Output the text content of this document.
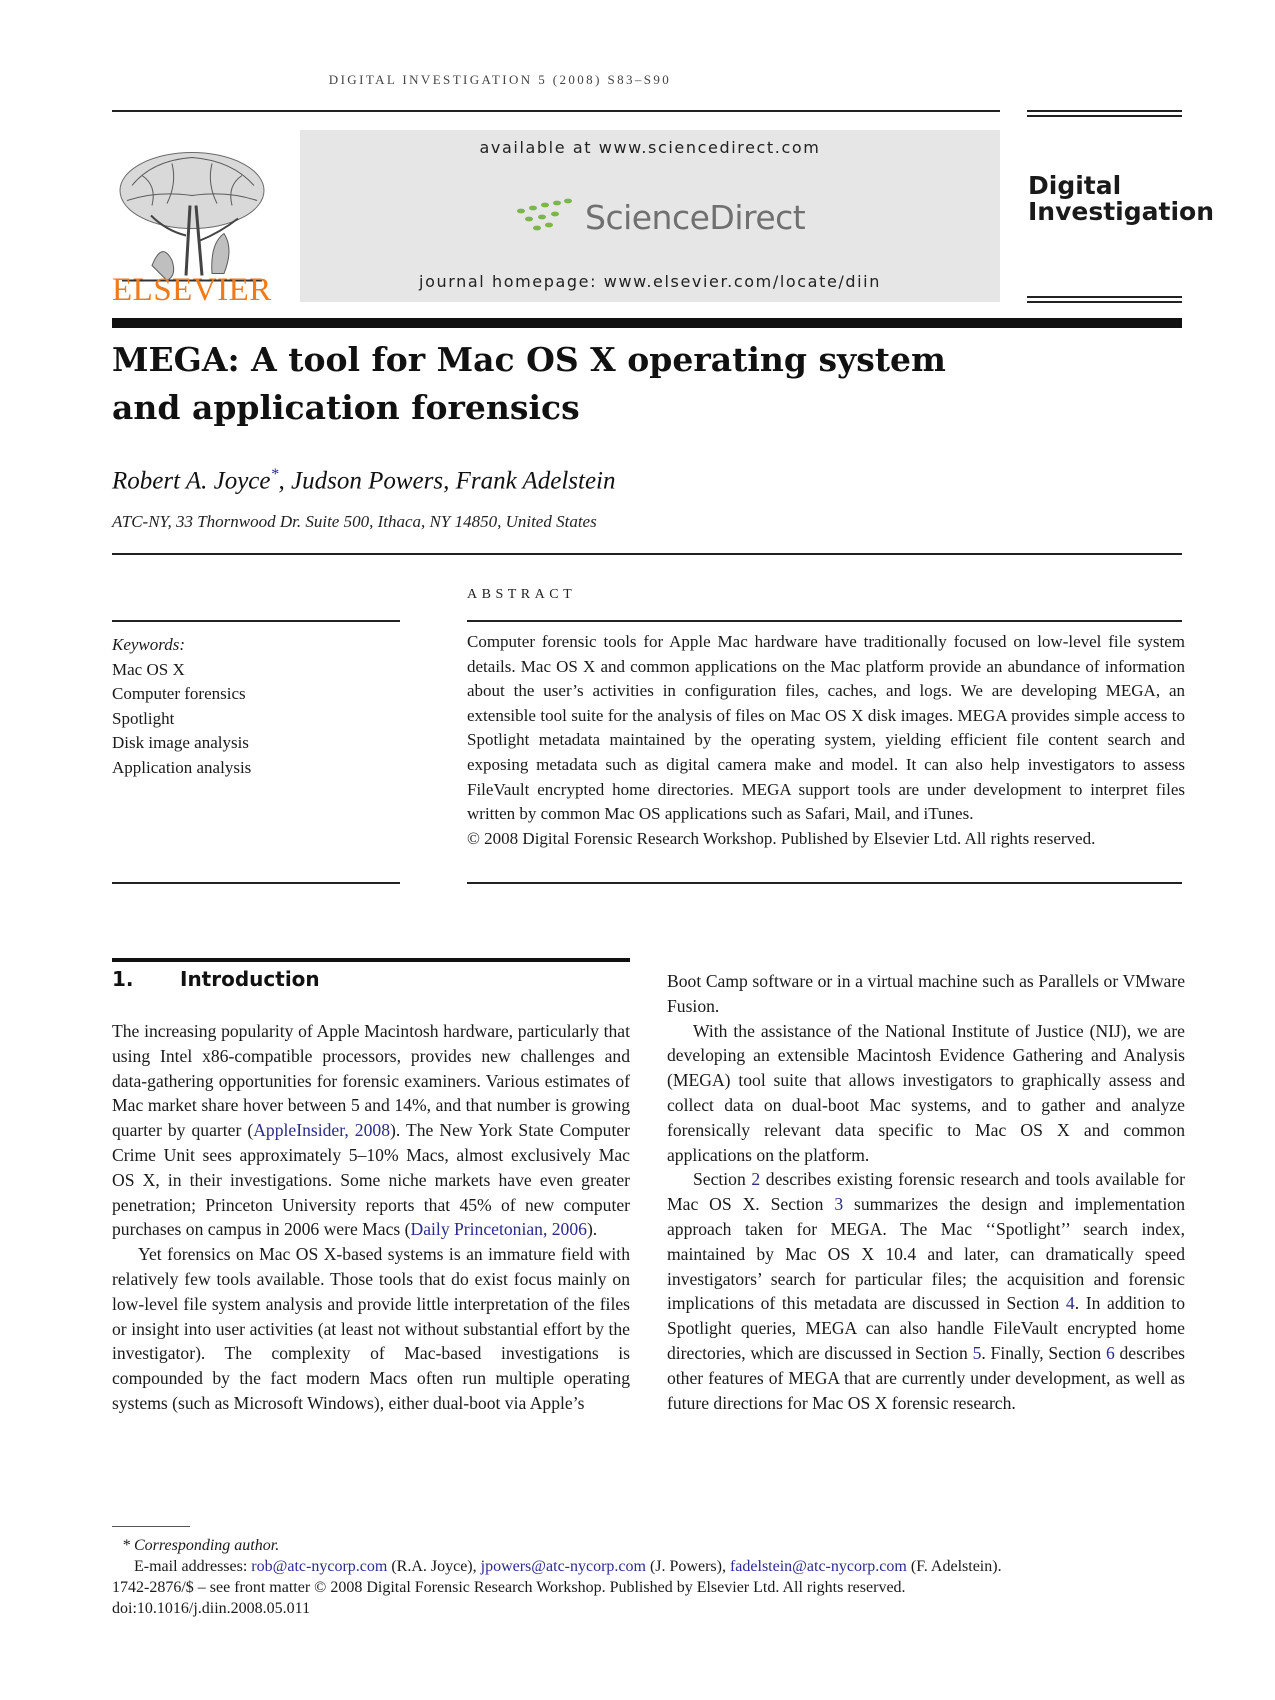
DIGITAL INVESTIGATION 5 (2008) S83–S90
ELSEVIER
available at www.sciencedirect.com
ScienceDirect
journal homepage: www.elsevier.com/locate/diin
Digital
Investigation
MEGA: A tool for Mac OS X operating system
and application forensics
Robert A. Joyce*, Judson Powers, Frank Adelstein
ATC-NY, 33 Thornwood Dr. Suite 500, Ithaca, NY 14850, United States
ABSTRACT
Keywords:
Mac OS X
Computer forensics
Spotlight
Disk image analysis
Application analysis

Computer forensic tools for Apple Mac hardware have traditionally focused on low-level file system details. Mac OS X and common applications on the Mac platform provide an abundance of information about the user’s activities in configuration files, caches, and logs. We are developing MEGA, an extensible tool suite for the analysis of files on Mac OS X disk images. MEGA provides simple access to Spotlight metadata maintained by the operating system, yielding efficient file content search and exposing metadata such as digital camera make and model. It can also help investigators to assess FileVault encrypted home directories. MEGA support tools are under development to interpret files written by common Mac OS applications such as Safari, Mail, and iTunes.

© 2008 Digital Forensic Research Workshop. Published by Elsevier Ltd. All rights reserved.

1. Introduction

The increasing popularity of Apple Macintosh hardware, particularly that using Intel x86-compatible processors, provides new challenges and data-gathering opportunities for forensic examiners. Various estimates of Mac market share hover between 5 and 14%, and that number is growing quarter by quarter (AppleInsider, 2008). The New York State Computer Crime Unit sees approximately 5–10% Macs, almost exclusively Mac OS X, in their investigations. Some niche markets have even greater penetration; Princeton University reports that 45% of new computer purchases on campus in 2006 were Macs (Daily Princetonian, 2006).

Yet forensics on Mac OS X-based systems is an immature field with relatively few tools available. Those tools that do exist focus mainly on low-level file system analysis and provide little interpretation of the files or insight into user activities (at least not without substantial effort by the investigator). The complexity of Mac-based investigations is compounded by the fact modern Macs often run multiple operating systems (such as Microsoft Windows), either dual-boot via Apple’s

Boot Camp software or in a virtual machine such as Parallels or VMware Fusion.

With the assistance of the National Institute of Justice (NIJ), we are developing an extensible Macintosh Evidence Gathering and Analysis (MEGA) tool suite that allows investigators to graphically assess and collect data on dual-boot Mac systems, and to gather and analyze forensically relevant data specific to Mac OS X and common applications on the platform.

Section 2 describes existing forensic research and tools available for Mac OS X. Section 3 summarizes the design and implementation approach taken for MEGA. The Mac ‘‘Spotlight’’ search index, maintained by Mac OS X 10.4 and later, can dramatically speed investigators’ search for particular files; the acquisition and forensic implications of this metadata are discussed in Section 4. In addition to Spotlight queries, MEGA can also handle FileVault encrypted home directories, which are discussed in Section 5. Finally, Section 6 describes other features of MEGA that are currently under development, as well as future directions for Mac OS X forensic research.

* Corresponding author.
E-mail addresses: rob@atc-nycorp.com (R.A. Joyce), jpowers@atc-nycorp.com (J. Powers), fadelstein@atc-nycorp.com (F. Adelstein).
1742-2876/$ – see front matter © 2008 Digital Forensic Research Workshop. Published by Elsevier Ltd. All rights reserved.
doi:10.1016/j.diin.2008.05.011
